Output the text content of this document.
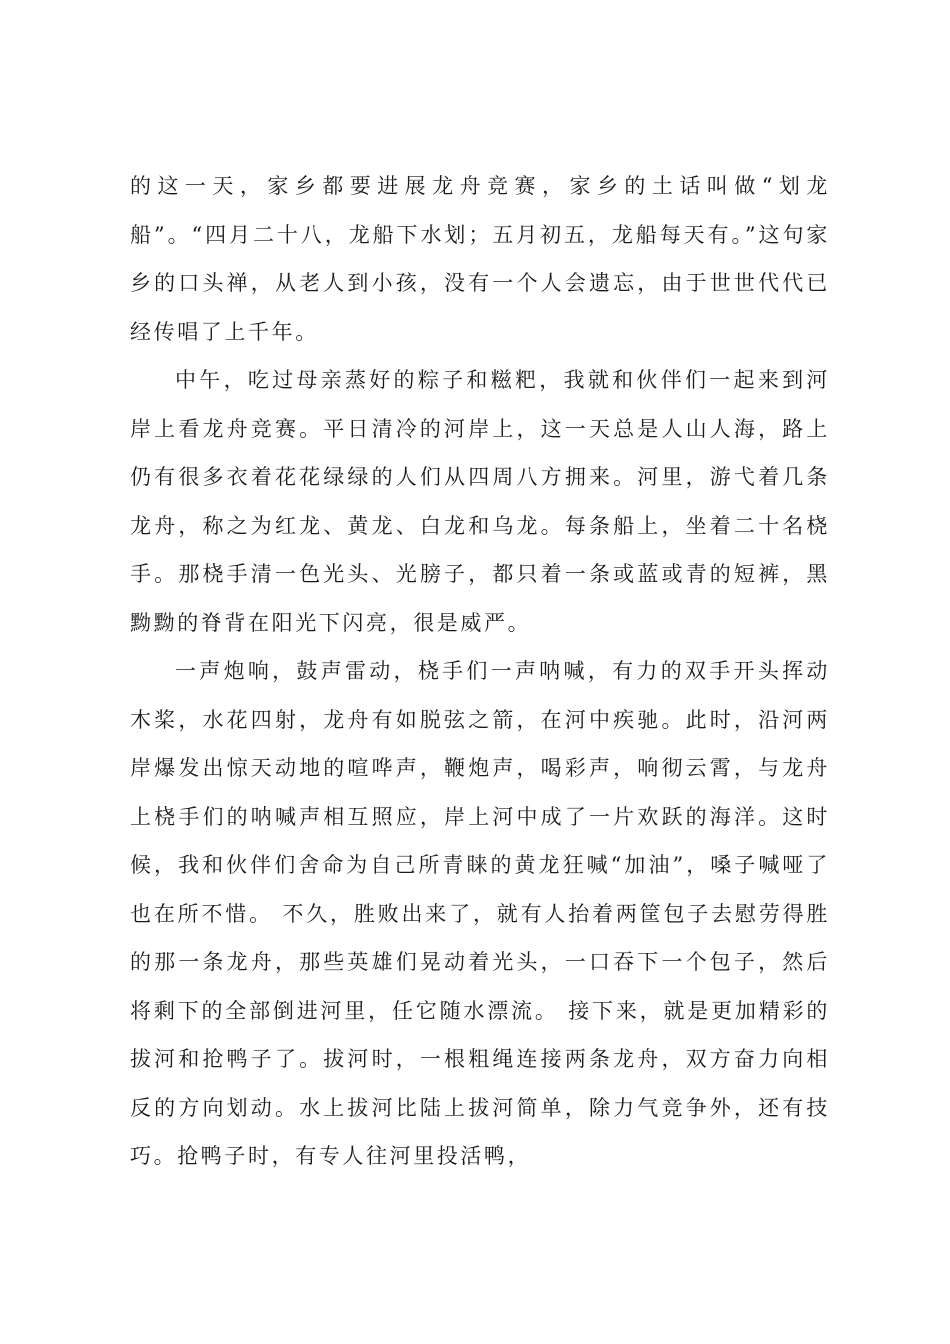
的这一天，家乡都要进展龙舟竞赛，家乡的土话叫做“划龙船”。“四月二十八，龙船下水划；五月初五，龙船每天有。”这句家乡的口头禅，从老人到小孩，没有一个人会遗忘，由于世世代代已经传唱了上千年。

中午，吃过母亲蒸好的粽子和糍粑，我就和伙伴们一起来到河岸上看龙舟竞赛。平日清冷的河岸上，这一天总是人山人海，路上仍有很多衣着花花绿绿的人们从四周八方拥来。河里，游弋着几条龙舟，称之为红龙、黄龙、白龙和乌龙。每条船上，坐着二十名桡手。那桡手清一色光头、光膀子，都只着一条或蓝或青的短裤，黑黝黝的脊背在阳光下闪亮，很是威严。

一声炮响，鼓声雷动，桡手们一声呐喊，有力的双手开头挥动木桨，水花四射，龙舟有如脱弦之箭，在河中疾驰。此时，沿河两岸爆发出惊天动地的喧哗声，鞭炮声，喝彩声，响彻云霄，与龙舟上桡手们的呐喊声相互照应，岸上河中成了一片欢跃的海洋。这时候，我和伙伴们舍命为自己所青睐的黄龙狂喊“加油”，嗓子喊哑了也在所不惜。 不久，胜败出来了，就有人抬着两筐包子去慰劳得胜的那一条龙舟，那些英雄们晃动着光头，一口吞下一个包子，然后将剩下的全部倒进河里，任它随水漂流。 接下来，就是更加精彩的拔河和抢鸭子了。拔河时，一根粗绳连接两条龙舟，双方奋力向相反的方向划动。水上拔河比陆上拔河简单，除力气竞争外，还有技巧。抢鸭子时，有专人往河里投活鸭，
